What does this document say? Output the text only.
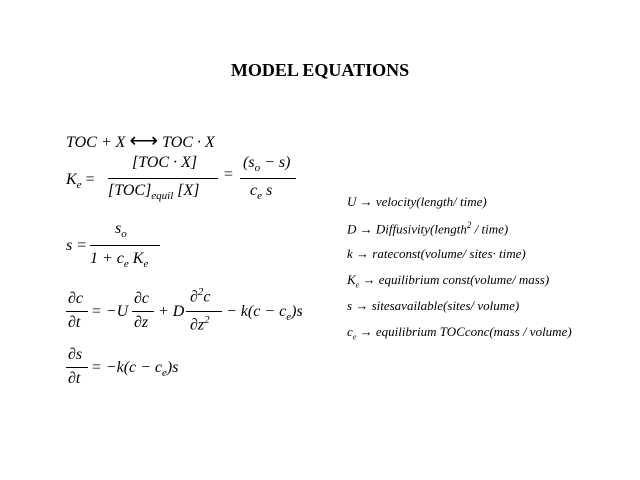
MODEL EQUATIONS
TOC + X ⟷ TOC · X
$K_e$ =
[TOC · X]
$[TOC]_{equil}$ [X]
=
$(s_o - s)$
$c_e$ s
s =
$s_o$
$1 + c_e$ $K_e$
∂c
∂t
= −U
∂c
∂z
+ D
∂$^2$c
$\partial z^2 - k(c - c_e)s$
∂s
∂t
= $-k(c - c_e)s$
U → velocity(length/ time)
D → Diffusivity(length$^2$ / time)
k → rateconst(volume/ sites· time)
$K_e$ → equilibrium const(volume/ mass)
s → sitesavailable(sites/ volume)
$c_e$ → equilibrium TOCconc(mass / volume)
